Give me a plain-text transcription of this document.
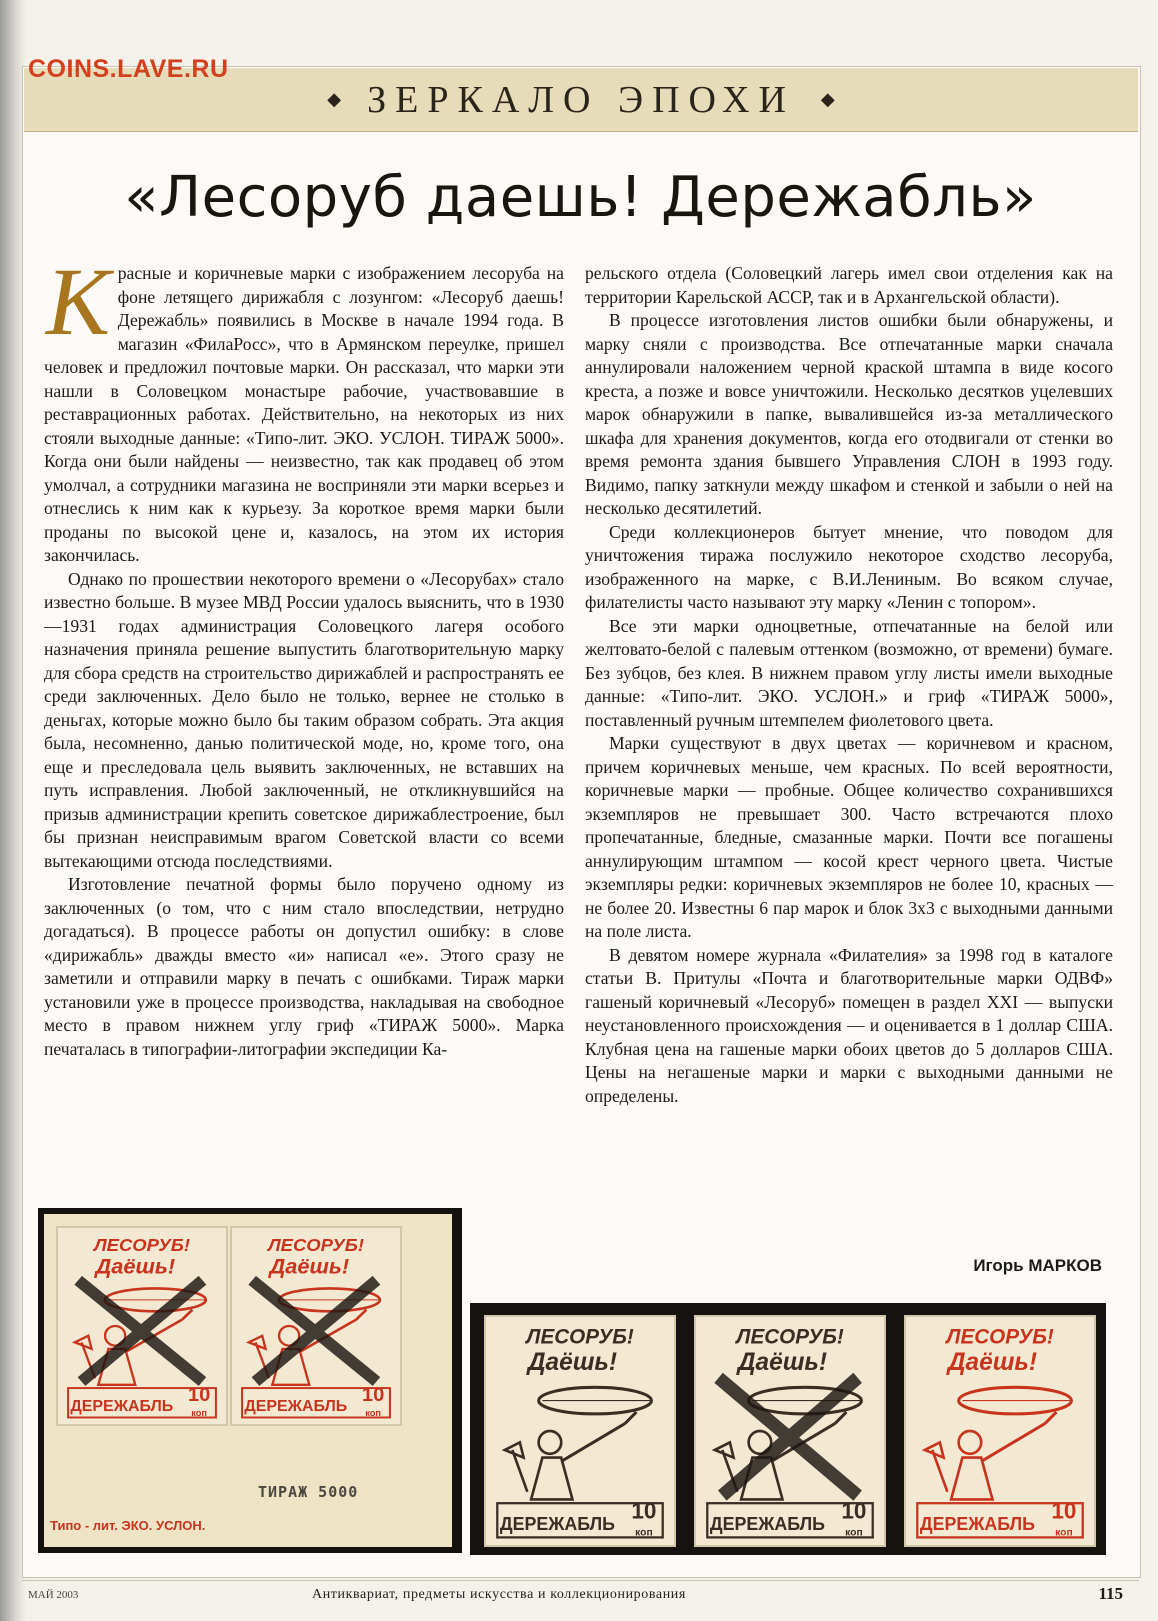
COINS.LAVE.RU
◆ ЗЕРКАЛО ЭПОХИ ◆
«Лесоруб даешь! Дережабль»
К расные и коричневые марки с изображением лесоруба на фоне летящего дирижабля с лозунгом: «Лесоруб даешь! Дережабль» появились в Москве в начале 1994 года. В магазин «ФилаРосс», что в Армянском переулке, пришел человек и предложил почтовые марки. Он рассказал, что марки эти нашли в Соловецком монастыре рабочие, участвовавшие в реставрационных работах. Действительно, на некоторых из них стояли выходные данные: «Типо-лит. ЭКО. УСЛОН. ТИРАЖ 5000». Когда они были найдены — неизвестно, так как продавец об этом умолчал, а сотрудники магазина не восприняли эти марки всерьез и отнеслись к ним как к курьезу. За короткое время марки были проданы по высокой цене и, казалось, на этом их история закончилась.

Однако по прошествии некоторого времени о «Лесорубах» стало известно больше. В музее МВД России удалось выяснить, что в 1930—1931 годах администрация Соловецкого лагеря особого назначения приняла решение выпустить благотворительную марку для сбора средств на строительство дирижаблей и распространять ее среди заключенных. Дело было не только, вернее не столько в деньгах, которые можно было бы таким образом собрать. Эта акция была, несомненно, данью политической моде, но, кроме того, она еще и преследовала цель выявить заключенных, не вставших на путь исправления. Любой заключенный, не откликнувшийся на призыв администрации крепить советское дирижаблестроение, был бы признан неисправимым врагом Советской власти со всеми вытекающими отсюда последствиями.

Изготовление печатной формы было поручено одному из заключенных (о том, что с ним стало впоследствии, нетрудно догадаться). В процессе работы он допустил ошибку: в слове «дирижабль» дважды вместо «и» написал «е». Этого сразу не заметили и отправили марку в печать с ошибками. Тираж марки установили уже в процессе производства, накладывая на свободное место в правом нижнем углу гриф «ТИРАЖ 5000». Марка печаталась в типографии-литографии экспедиции Ка-

рельского отдела (Соловецкий лагерь имел свои отделения как на территории Карельской АССР, так и в Архангельской области).

В процессе изготовления листов ошибки были обнаружены, и марку сняли с производства. Все отпечатанные марки сначала аннулировали наложением черной краской штампа в виде косого креста, а позже и вовсе уничтожили. Несколько десятков уцелевших марок обнаружили в папке, вывалившейся из-за металлического шкафа для хранения документов, когда его отодвигали от стенки во время ремонта здания бывшего Управления СЛОН в 1993 году. Видимо, папку заткнули между шкафом и стенкой и забыли о ней на несколько десятилетий.

Среди коллекционеров бытует мнение, что поводом для уничтожения тиража послужило некоторое сходство лесоруба, изображенного на марке, с В.И.Лениным. Во всяком случае, филателисты часто называют эту марку «Ленин с топором».

Все эти марки одноцветные, отпечатанные на белой или желтовато-белой с палевым оттенком (возможно, от времени) бумаге. Без зубцов, без клея. В нижнем правом углу листы имели выходные данные: «Типо-лит. ЭКО. УСЛОН.» и гриф «ТИРАЖ 5000», поставленный ручным штемпелем фиолетового цвета.

Марки существуют в двух цветах — коричневом и красном, причем коричневых меньше, чем красных. По всей вероятности, коричневые марки — пробные. Общее количество сохранившихся экземпляров не превышает 300. Часто встречаются плохо пропечатанные, бледные, смазанные марки. Почти все погашены аннулирующим штампом — косой крест черного цвета. Чистые экземпляры редки: коричневых экземпляров не более 10, красных — не более 20. Известны 6 пар марок и блок 3х3 с выходными данными на поле листа.

В девятом номере журнала «Филателия» за 1998 год в каталоге статьи В. Притулы «Почта и благотворительные марки ОДВФ» гашеный коричневый «Лесоруб» помещен в раздел XXI — выпуски неустановленного происхождения — и оценивается в 1 доллар США. Клубная цена на гашеные марки обоих цветов до 5 долларов США. Цены на негашеные марки и марки с выходными данными не определены.

Игорь МАРКОВ
ЛЕСОРУБ!
Даёшь!
ДЕРЕЖАБЛЬ
10
коп
ЛЕСОРУБ!
Даёшь!
ДЕРЕЖАБЛЬ
10
коп
ТИРАЖ 5000
Типо - лит. ЭКО. УСЛОН.
ЛЕСОРУБ!
Даёшь!
ДЕРЕЖАБЛЬ
10
коп
ЛЕСОРУБ!
Даёшь!
ДЕРЕЖАБЛЬ
10
коп
ЛЕСОРУБ!
Даёшь!
ДЕРЕЖАБЛЬ
10
коп
МАЙ 2003	Антиквариат, предметы искусства и коллекционирования	115
